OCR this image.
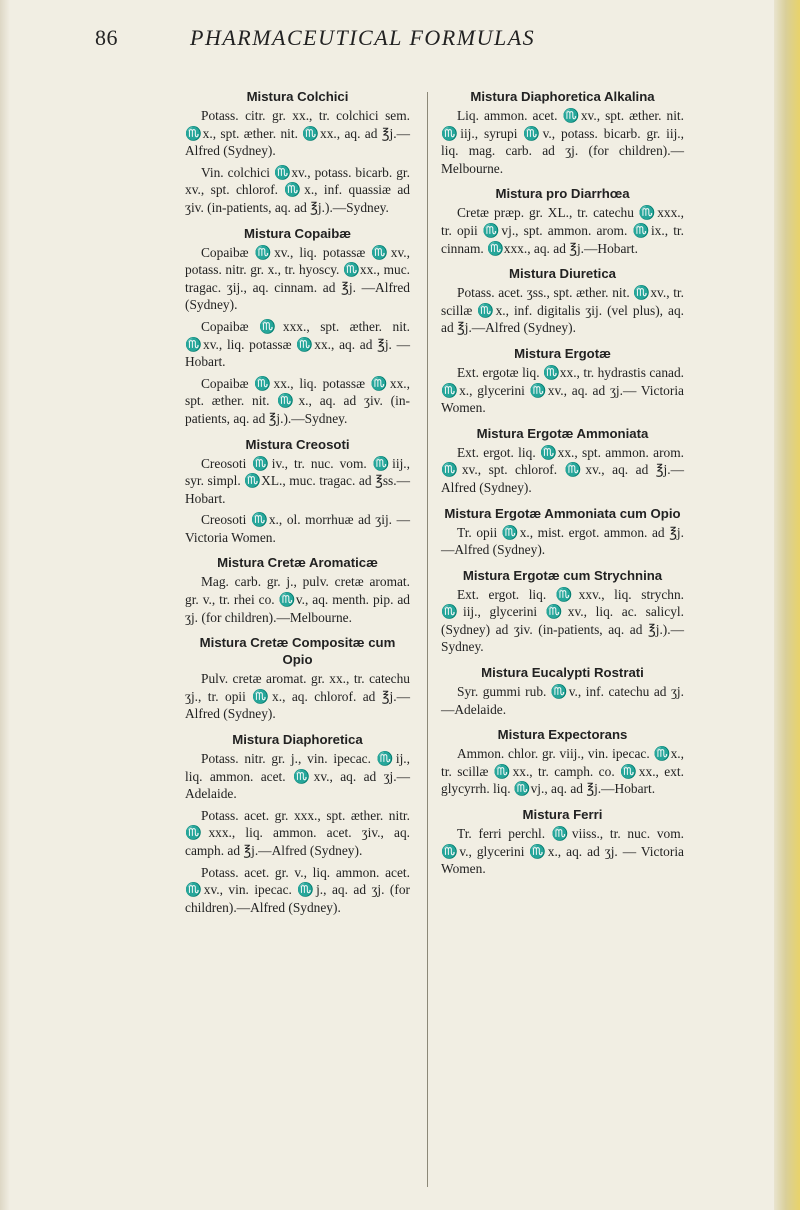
86	PHARMACEUTICAL FORMULAS
Mistura Colchici

Potass. citr. gr. xx., tr. colchici sem. ♏x., spt. æther. nit. ♏xx., aq. ad ℥j.—Alfred (Sydney).

Vin. colchici ♏xv., potass. bicarb. gr. xv., spt. chlorof. ♏x., inf. quassiæ ad ʒiv. (in-patients, aq. ad ℥j.).—Sydney.

Mistura Copaibæ

Copaibæ ♏xv., liq. potassæ ♏xv., potass. nitr. gr. x., tr. hyoscy. ♏xx., muc. tragac. ʒij., aq. cinnam. ad ℥j. —Alfred (Sydney).

Copaibæ ♏xxx., spt. æther. nit. ♏xv., liq. potassæ ♏xx., aq. ad ℥j. —Hobart.

Copaibæ ♏xx., liq. potassæ ♏xx., spt. æther. nit. ♏x., aq. ad ʒiv. (in-patients, aq. ad ℥j.).—Sydney.

Mistura Creosoti

Creosoti ♏iv., tr. nuc. vom. ♏iij., syr. simpl. ♏XL., muc. tragac. ad ℥ss.—Hobart.

Creosoti ♏x., ol. morrhuæ ad ʒij. — Victoria Women.

Mistura Cretæ Aromaticæ

Mag. carb. gr. j., pulv. cretæ aromat. gr. v., tr. rhei co. ♏v., aq. menth. pip. ad ʒj. (for children).—Melbourne.

Mistura Cretæ Compositæ cum Opio

Pulv. cretæ aromat. gr. xx., tr. catechu ʒj., tr. opii ♏x., aq. chlorof. ad ℥j.—Alfred (Sydney).

Mistura Diaphoretica

Potass. nitr. gr. j., vin. ipecac. ♏ij., liq. ammon. acet. ♏xv., aq. ad ʒj.—Adelaide.

Potass. acet. gr. xxx., spt. æther. nitr. ♏xxx., liq. ammon. acet. ʒiv., aq. camph. ad ℥j.—Alfred (Sydney).

Potass. acet. gr. v., liq. ammon. acet. ♏xv., vin. ipecac. ♏j., aq. ad ʒj. (for children).—Alfred (Sydney).

Mistura Diaphoretica Alkalina

Liq. ammon. acet. ♏xv., spt. æther. nit. ♏iij., syrupi ♏v., potass. bicarb. gr. iij., liq. mag. carb. ad ʒj. (for children).—Melbourne.

Mistura pro Diarrhœa

Cretæ præp. gr. XL., tr. catechu ♏xxx., tr. opii ♏vj., spt. ammon. arom. ♏ix., tr. cinnam. ♏xxx., aq. ad ℥j.—Hobart.

Mistura Diuretica

Potass. acet. ʒss., spt. æther. nit. ♏xv., tr. scillæ ♏x., inf. digitalis ʒij. (vel plus), aq. ad ℥j.—Alfred (Sydney).

Mistura Ergotæ

Ext. ergotæ liq. ♏xx., tr. hydrastis canad. ♏x., glycerini ♏xv., aq. ad ʒj.— Victoria Women.

Mistura Ergotæ Ammoniata

Ext. ergot. liq. ♏xx., spt. ammon. arom. ♏xv., spt. chlorof. ♏xv., aq. ad ℥j.—Alfred (Sydney).

Mistura Ergotæ Ammoniata cum Opio

Tr. opii ♏x., mist. ergot. ammon. ad ℥j.—Alfred (Sydney).

Mistura Ergotæ cum Strychnina

Ext. ergot. liq. ♏xxv., liq. strychn. ♏iij., glycerini ♏xv., liq. ac. salicyl. (Sydney) ad ʒiv. (in-patients, aq. ad ℥j.).—Sydney.

Mistura Eucalypti Rostrati

Syr. gummi rub. ♏v., inf. catechu ad ʒj.—Adelaide.

Mistura Expectorans

Ammon. chlor. gr. viij., vin. ipecac. ♏x., tr. scillæ ♏xx., tr. camph. co. ♏xx., ext. glycyrrh. liq. ♏vj., aq. ad ℥j.—Hobart.

Mistura Ferri

Tr. ferri perchl. ♏viiss., tr. nuc. vom. ♏v., glycerini ♏x., aq. ad ʒj. — Victoria Women.
